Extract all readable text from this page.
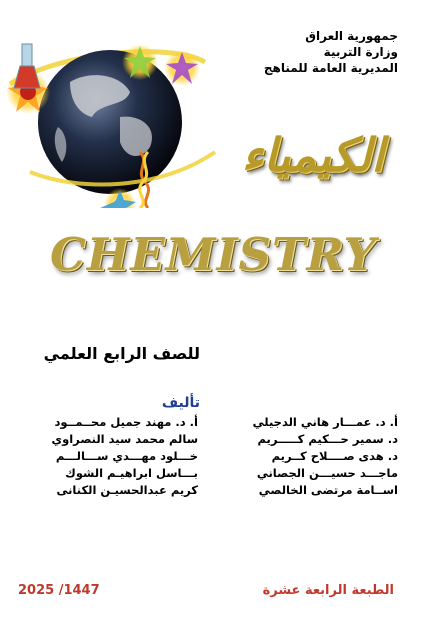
جمهورية العراق
وزارة التربية
المديرية العامة للمناهج
الكيمياء
CHEMISTRY
للصف الرابع العلمي
تأليف
أ. د. عمـــار هاني الدجيلي
د. سمير حـــكيم كـــــريم
د. هدى صــــلاح كــريم
ماجـــد حسيـــن الجصاني
اســامة مرتضى الخالصي
أ. د. مهند جميل محــمــود
سالم محمد سيد النصراوي
خـــلود مهـــدي ســـالـــم
بـــاسل ابراهيـم الشوك
كريم عبدالحسيـن الكنانى
الطبعة الرابعة عشرة
2025 /1447
